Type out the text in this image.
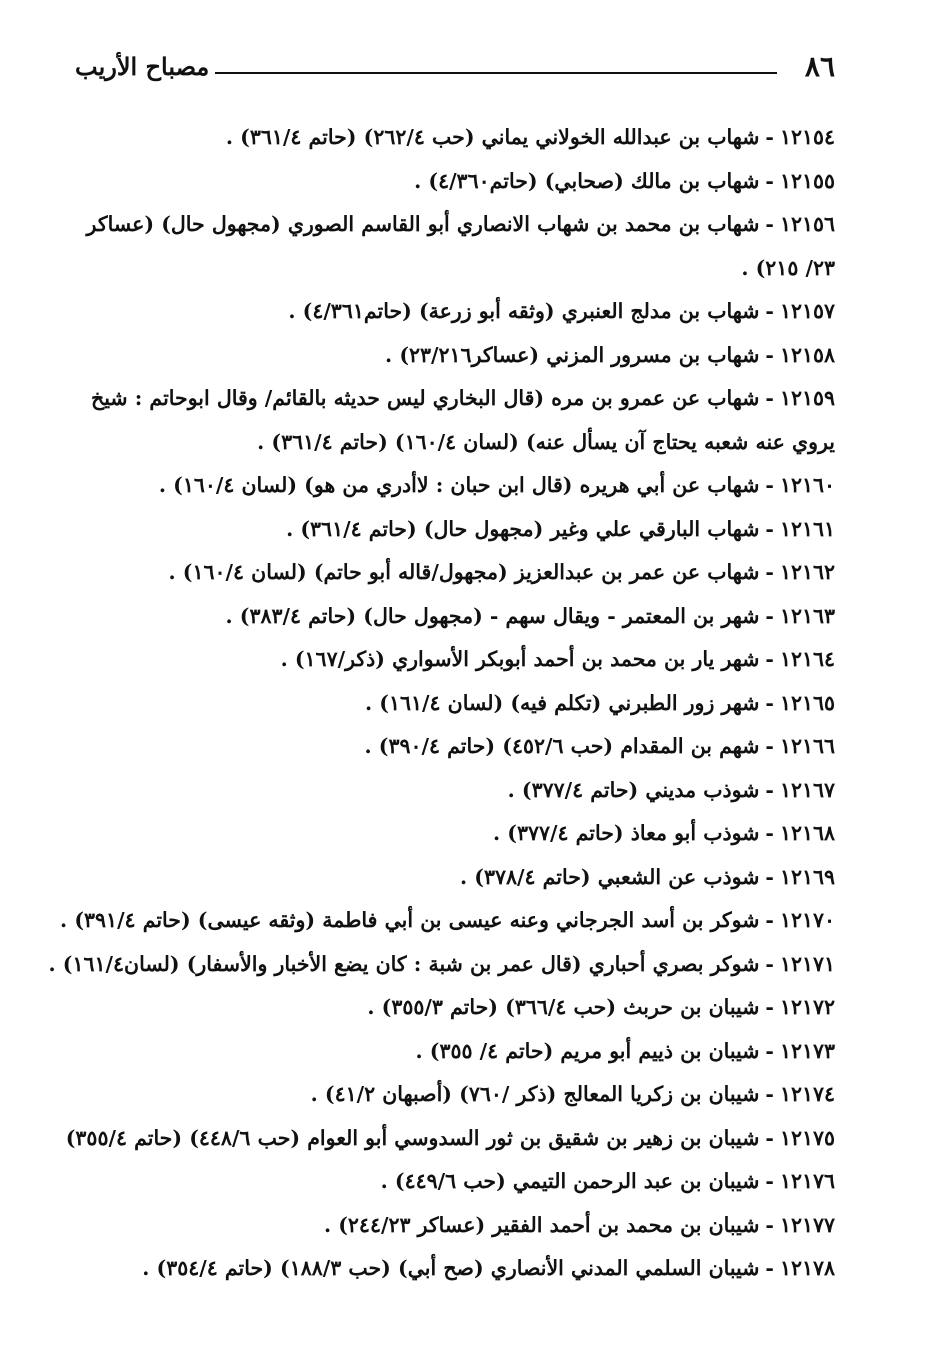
٨٦
مصباح الأريب
١٢١٥٤-شهاب بن عبدالله الخولاني يماني (حب ٢٦٢/٤) (حاتم ٣٦١/٤) .
١٢١٥٥-شهاب بن مالك (صحابي) (حاتم٤/٣٦٠) .
١٢١٥٦-شهاب بن محمد بن شهاب الانصاري أبو القاسم الصوري (مجهول حال) (عساكر ٢٣/ ٢١٥) .
١٢١٥٧-شهاب بن مدلج العنبري (وثقه أبو زرعة) (حاتم٤/٣٦١) .
١٢١٥٨-شهاب بن مسرور المزني (عساكر٢٣/٢١٦) .
١٢١٥٩-شهاب عن عمرو بن مره (قال البخاري ليس حديثه بالقائم/ وقال ابوحاتم : شيخ يروي عنه شعبه يحتاج آن يسأل عنه) (لسان ١٦٠/٤) (حاتم ٣٦١/٤) .
١٢١٦٠-شهاب عن أبي هريره (قال ابن حبان : لاأدري من هو) (لسان ١٦٠/٤) .
١٢١٦١-شهاب البارقي علي وغير (مجهول حال) (حاتم ٣٦١/٤) .
١٢١٦٢-شهاب عن عمر بن عبدالعزيز (مجهول/قاله أبو حاتم) (لسان ١٦٠/٤) .
١٢١٦٣-شهر بن المعتمر - ويقال سهم - (مجهول حال) (حاتم ٣٨٣/٤) .
١٢١٦٤-شهر يار بن محمد بن أحمد أبوبكر الأسواري (ذكر/١٦٧) .
١٢١٦٥-شهر زور الطبرني (تكلم فيه) (لسان ١٦١/٤) .
١٢١٦٦-شهم بن المقدام (حب ٤٥٢/٦) (حاتم ٣٩٠/٤) .
١٢١٦٧-شوذب مديني (حاتم ٣٧٧/٤) .
١٢١٦٨-شوذب أبو معاذ (حاتم ٣٧٧/٤) .
١٢١٦٩-شوذب عن الشعبي (حاتم ٣٧٨/٤) .
١٢١٧٠-شوكر بن أسد الجرجاني وعنه عيسى بن أبي فاطمة (وثقه عيسى) (حاتم ٣٩١/٤) .
١٢١٧١-شوكر بصري أحباري (قال عمر بن شبة : كان يضع الأخبار والأسفار) (لسان١٦١/٤) .
١٢١٧٢-شيبان بن حربث (حب ٣٦٦/٤) (حاتم ٣٥٥/٣) .
١٢١٧٣-شيبان بن ذييم أبو مريم (حاتم ٤/ ٣٥٥) .
١٢١٧٤-شيبان بن زكريا المعالج (ذكر /٧٦٠) (أصبهان ٤١/٢) .
١٢١٧٥-شيبان بن زهير بن شقيق بن ثور السدوسي أبو العوام (حب ٤٤٨/٦) (حاتم ٣٥٥/٤)
١٢١٧٦-شيبان بن عبد الرحمن التيمي (حب ٤٤٩/٦) .
١٢١٧٧-شيبان بن محمد بن أحمد الفقير (عساكر ٢٤٤/٢٣) .
١٢١٧٨-شيبان السلمي المدني الأنصاري (صح أبي) (حب ١٨٨/٣) (حاتم ٣٥٤/٤) .
